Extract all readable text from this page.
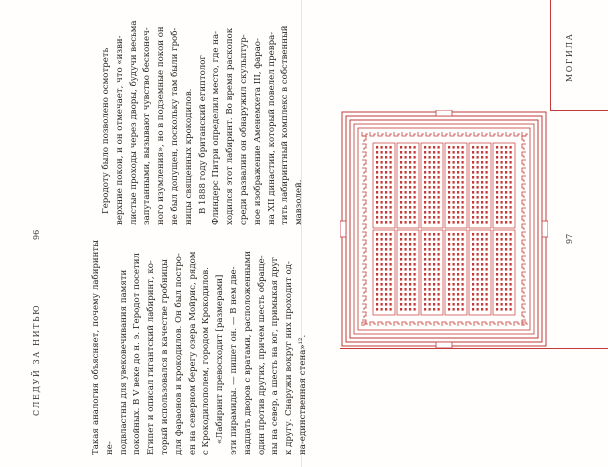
СЛЕДУЙ ЗА НИТЬЮ
96

Такая аналогия объясняет, почему лабиринты не- подвластны для увековечивания памяти покойных. В V веке до н. э. Геродот посетил Египет и описал гигантский лабиринт, ко- торый использовался в качестве гробницы для фараонов и крокодилов. Он был постро- ен на северном берегу озера Мойрис, рядом с Крокодилополем, городом Крокодилов. «Лабиринт превосходит [размерами] эти пирамиды. — пишет он. — В нем две- надцать дворов с вратами, расположенными один против других, причем шесть обраще- ны на север, а шесть на юг, примыкая друг к другу. Снаружи вокруг них проходит од- на-единственная стена»¹².

Геродоту было позволено осмотреть верхние покои, и он отмечает, что «изви- листые проходы через дворы, будучи весьма запутанными, вызывают чувство бесконеч- ного изумления», но в подземные покои он не был допущен, поскольку там были гроб- ницы священных крокодилов. В 1888 году британский египтолог Флиндерс Питри определил место, где на- ходился этот лабиринт. Во время раскопок среди развалин он обнаружил скульптур- ное изображение Аменемхета III, фарао- на XII династии, который повелел превра- тить лабиринтный комплекс в собственный мавзолей.

МОГИЛА
97
